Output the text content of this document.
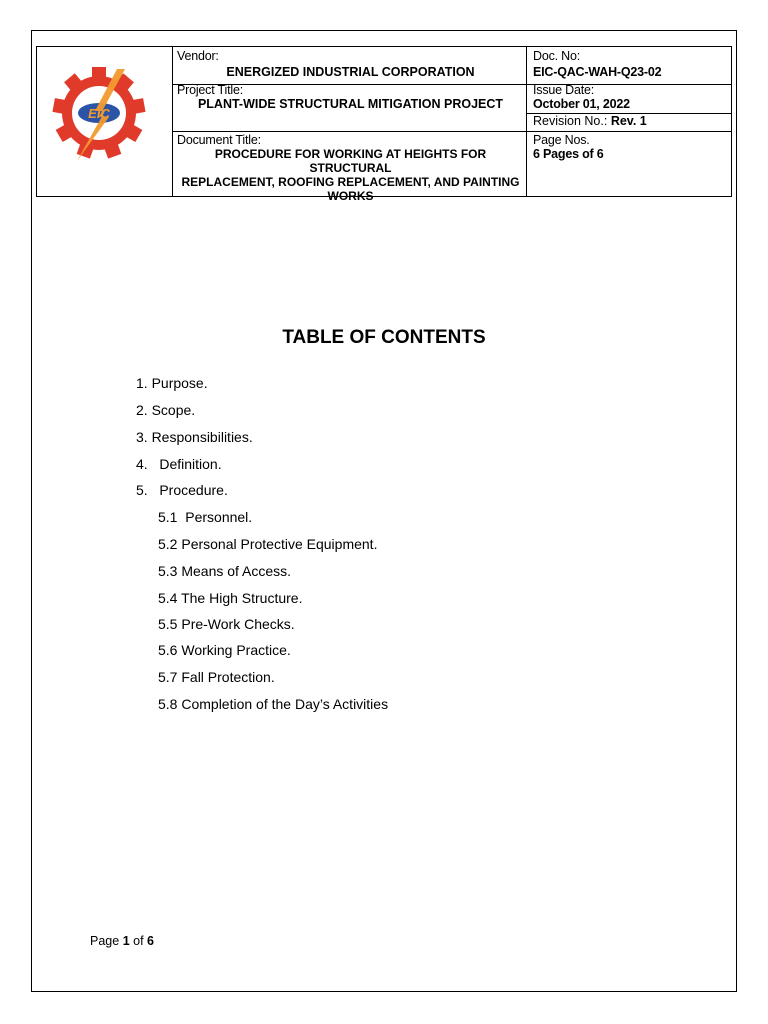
EIC
Vendor:
ENERGIZED INDUSTRIAL CORPORATION
Project Title:
PLANT-WIDE STRUCTURAL MITIGATION PROJECT
Document Title:
PROCEDURE FOR WORKING AT HEIGHTS FOR STRUCTURAL
REPLACEMENT, ROOFING REPLACEMENT, AND PAINTING
WORKS
Doc. No:
EIC-QAC-WAH-Q23-02
Issue Date:
October 01, 2022
Revision No.: Rev. 1
Page Nos.
6 Pages of 6
TABLE OF CONTENTS
1. Purpose.
2. Scope.
3. Responsibilities.
4.   Definition.
5.   Procedure.
5.1  Personnel.
5.2 Personal Protective Equipment.
5.3 Means of Access.
5.4 The High Structure.
5.5 Pre-Work Checks.
5.6 Working Practice.
5.7 Fall Protection.
5.8 Completion of the Day’s Activities
Page 1 of 6
